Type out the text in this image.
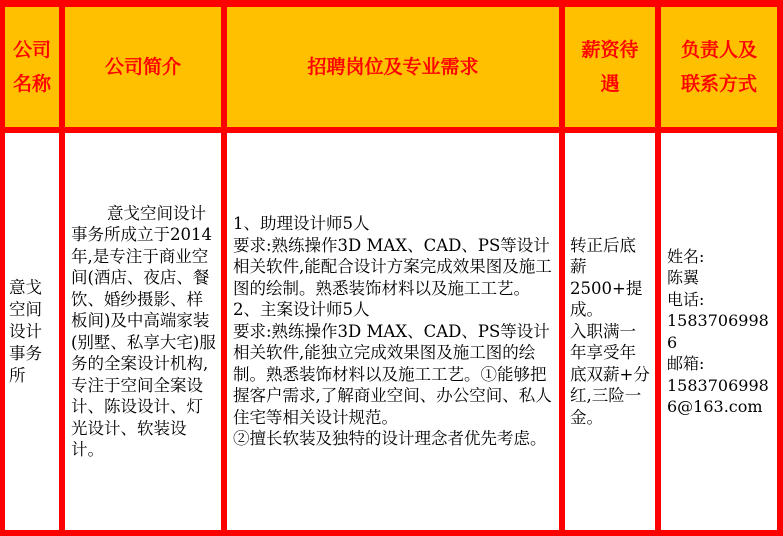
公司
名称
公司简介	招聘岗位及专业需求
薪资待
遇
负责人及
联系方式
意戈
空间
设计
事务
所
意戈空间设计事务所成立于2014年,是专注于商业空间(酒店、夜店、餐饮、婚纱摄影、样板间)及中高端家装(别墅、私享大宅)服务的全案设计机构,专注于空间全案设计、陈设设计、灯光设计、软装设计。
1、助理设计师5人
要求:熟练操作3D MAX、CAD、PS等设计相关软件,能配合设计方案完成效果图及施工图的绘制。熟悉装饰材料以及施工工艺。
2、主案设计师5人
要求:熟练操作3D MAX、CAD、PS等设计相关软件,能独立完成效果图及施工图的绘制。熟悉装饰材料以及施工工艺。①能够把握客户需求,了解商业空间、办公空间、私人住宅等相关设计规范。
②擅长软装及独特的设计理念者优先考虑。
转正后底薪2500+提成。
入职满一年享受年底双薪+分红,三险一金。
姓名:
陈翼
电话:
15837069986
邮箱:
15837069986@163.com
